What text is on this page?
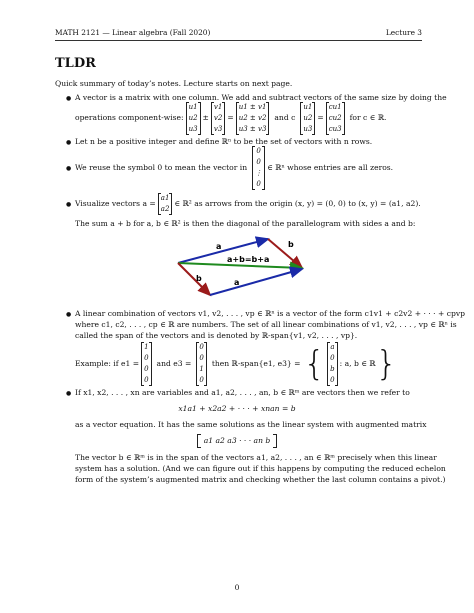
MATH 2121 — Linear algebra (Fall 2020)	Lecture 3
TLDR
Quick summary of today’s notes. Lecture starts on next page.
● A vector is a matrix with one column. We add and subtract vectors of the same size by doing the
operations component-wise:
u1
u2
u3
±
v1
v2
v3
=
u1 ± v1
u2 ± v2
u3 ± v3
and c
u1
u2
u3
=
cu1
cu2
cu3
for c ∈ ℝ.
● Let n be a positive integer and define ℝⁿ to be the set of vectors with n rows.
● We reuse the symbol 0 to mean the vector in
0
0
⋮
0
∈ ℝⁿ whose entries are all zeros.
● Visualize vectors a =
a1
a2
∈ ℝ² as arrows from the origin (x, y) = (0, 0) to (x, y) = (a1, a2).
The sum a + b for a, b ∈ ℝ² is then the diagonal of the parallelogram with sides a and b:
a	b
a+b=b+a
b	a
● A linear combination of vectors v1, v2, . . . , vp ∈ ℝⁿ is a vector of the form c1v1 + c2v2 + · · · + cpvp
where c1, c2, . . . , cp ∈ ℝ are numbers. The set of all linear combinations of v1, v2, . . . , vp ∈ ℝⁿ is
called the span of the vectors and is denoted by ℝ-span{v1, v2, . . . , vp}.
Example: if e1 =
1
0
0
0
and e3 =
0
0
1
0
then ℝ-span{e1, e3} = { a
0
b
0
: a, b ∈ ℝ }
● If x1, x2, . . . , xn are variables and a1, a2, . . . , an, b ∈ ℝᵐ are vectors then we refer to
x1a1 + x2a2 + · · · + xnan = b
as a vector equation. It has the same solutions as the linear system with augmented matrix
a1 a2 a3 · · · an b
The vector b ∈ ℝᵐ is in the span of the vectors a1, a2, . . . , an ∈ ℝᵐ precisely when this linear
system has a solution. (And we can figure out if this happens by computing the reduced echelon
form of the system’s augmented matrix and checking whether the last column contains a pivot.)
0
